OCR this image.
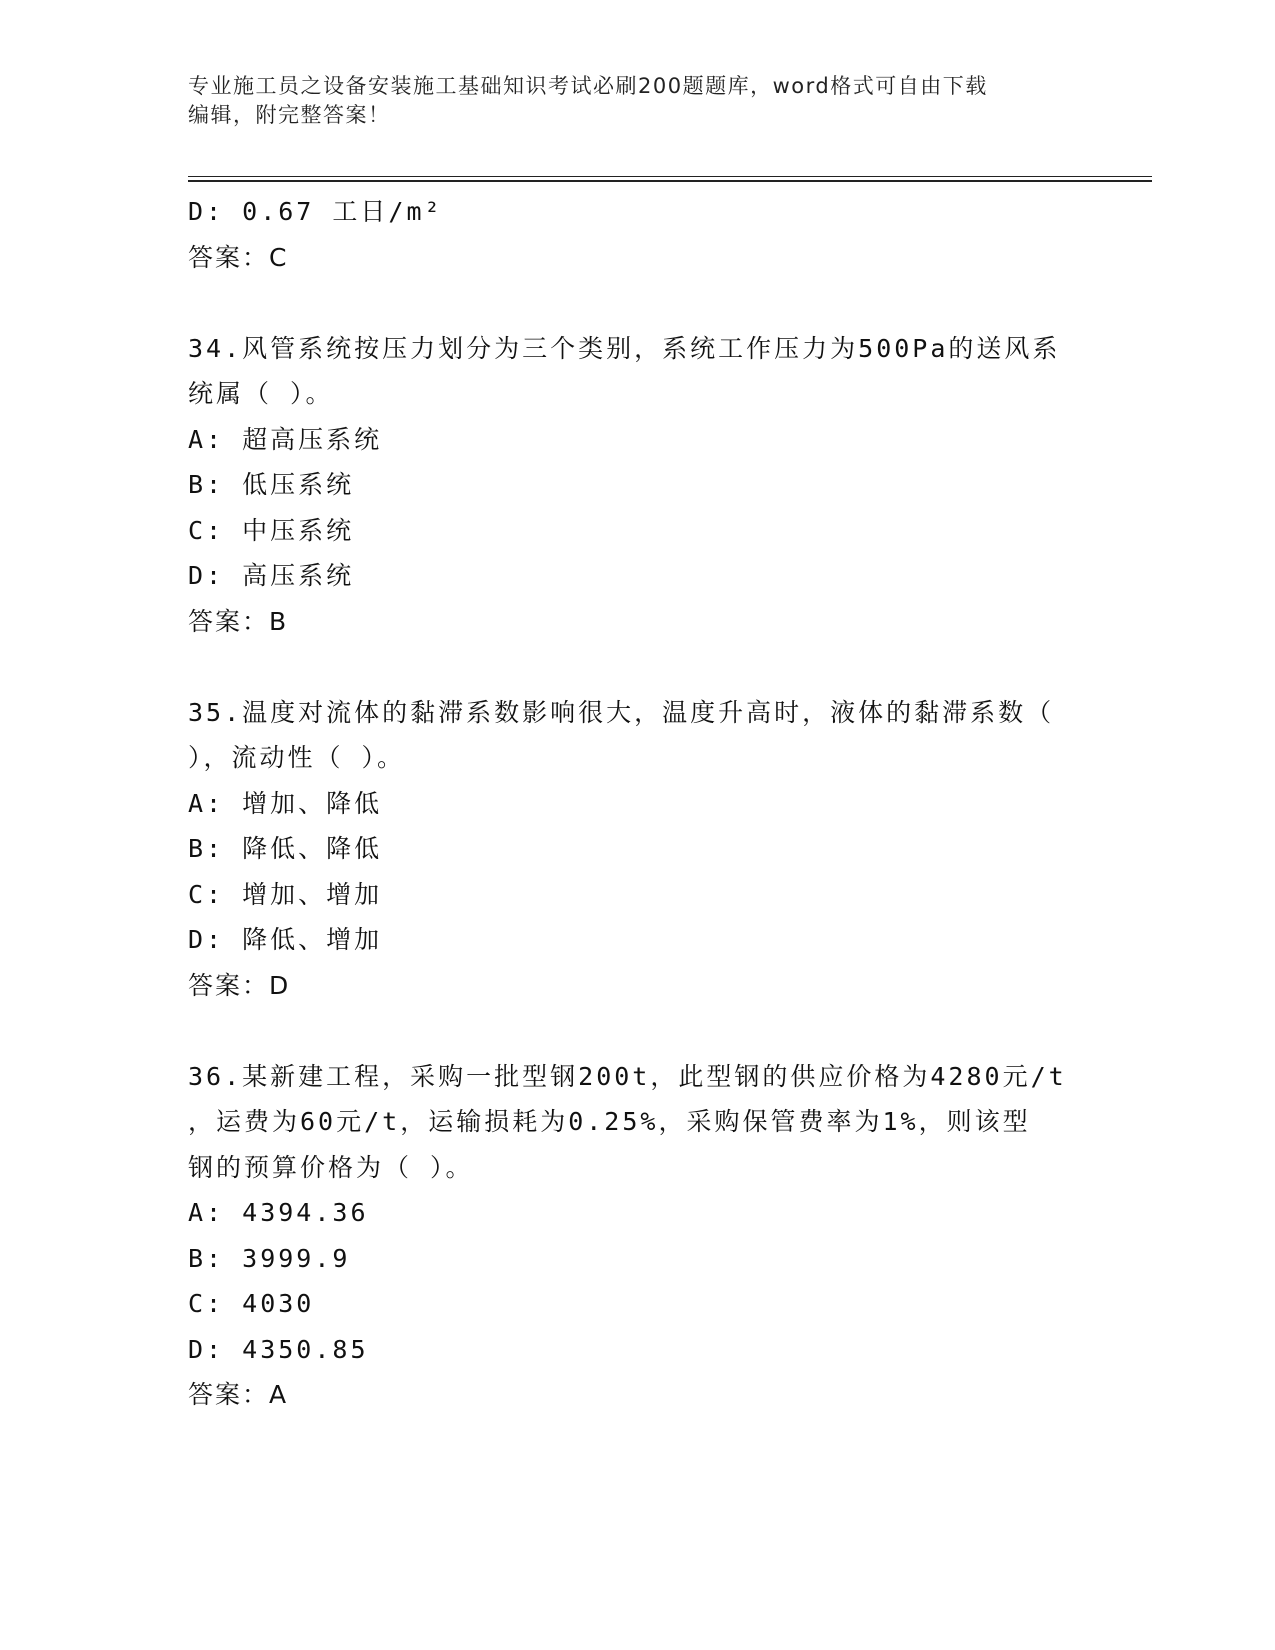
专业施工员之设备安装施工基础知识考试必刷200题题库，word格式可自由下载
编辑，附完整答案！
D: 0.67 工日/m²
答案：C
34.风管系统按压力划分为三个类别，系统工作压力为500Pa的送风系
统属（ ）。
A: 超高压系统
B: 低压系统
C: 中压系统
D: 高压系统
答案：B
35.温度对流体的黏滞系数影响很大，温度升高时，液体的黏滞系数（
），流动性（ ）。
A: 增加、降低
B: 降低、降低
C: 增加、增加
D: 降低、增加
答案：D
36.某新建工程，采购一批型钢200t，此型钢的供应价格为4280元/t
，运费为60元/t，运输损耗为0.25%，采购保管费率为1%，则该型
钢的预算价格为（ ）。
A: 4394.36
B: 3999.9
C: 4030
D: 4350.85
答案：A
